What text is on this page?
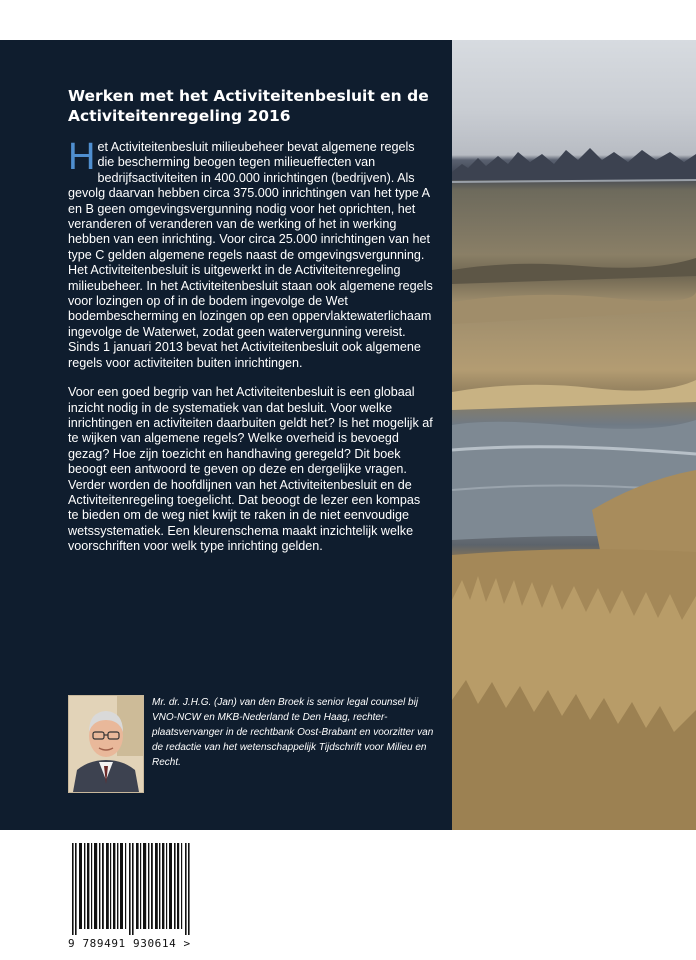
Werken met het Activiteitenbesluit en de Activiteitenregeling 2016

Het Activiteitenbesluit milieubeheer bevat algemene regels die bescherming beogen tegen milieueffecten van bedrijfsactiviteiten in 400.000 inrichtingen (bedrijven). Als gevolg daarvan hebben circa 375.000 inrichtingen van het type A en B geen omgevingsvergunning nodig voor het oprichten, het veranderen of veranderen van de werking of het in werking hebben van een inrichting. Voor circa 25.000 inrichtingen van het type C gelden algemene regels naast de omgevingsvergunning. Het Activiteitenbesluit is uitgewerkt in de Activiteitenregeling milieubeheer. In het Activiteitenbesluit staan ook algemene regels voor lozingen op of in de bodem ingevolge de Wet bodembescherming en lozingen op een oppervlaktewaterlichaam ingevolge de Waterwet, zodat geen watervergunning vereist. Sinds 1 januari 2013 bevat het Activiteitenbesluit ook algemene regels voor activiteiten buiten inrichtingen.

Voor een goed begrip van het Activiteitenbesluit is een globaal inzicht nodig in de systematiek van dat besluit. Voor welke inrichtingen en activiteiten daarbuiten geldt het? Is het mogelijk af te wijken van algemene regels? Welke overheid is bevoegd gezag? Hoe zijn toezicht en handhaving geregeld? Dit boek beoogt een antwoord te geven op deze en dergelijke vragen. Verder worden de hoofdlijnen van het Activiteitenbesluit en de Activiteitenregeling toegelicht. Dat beoogt de lezer een kompas te bieden om de weg niet kwijt te raken in de niet eenvoudige wetssystematiek. Een kleurenschema maakt inzichtelijk welke voorschriften voor welk type inrichting gelden.

Mr. dr. J.H.G. (Jan) van den Broek is senior legal counsel bij VNO-NCW en MKB-Nederland te Den Haag, rechter-plaatsvervanger in de rechtbank Oost-Brabant en voorzitter van de redactie van het wetenschappelijk Tijdschrift voor Milieu en Recht.
9 789491 930614 >
